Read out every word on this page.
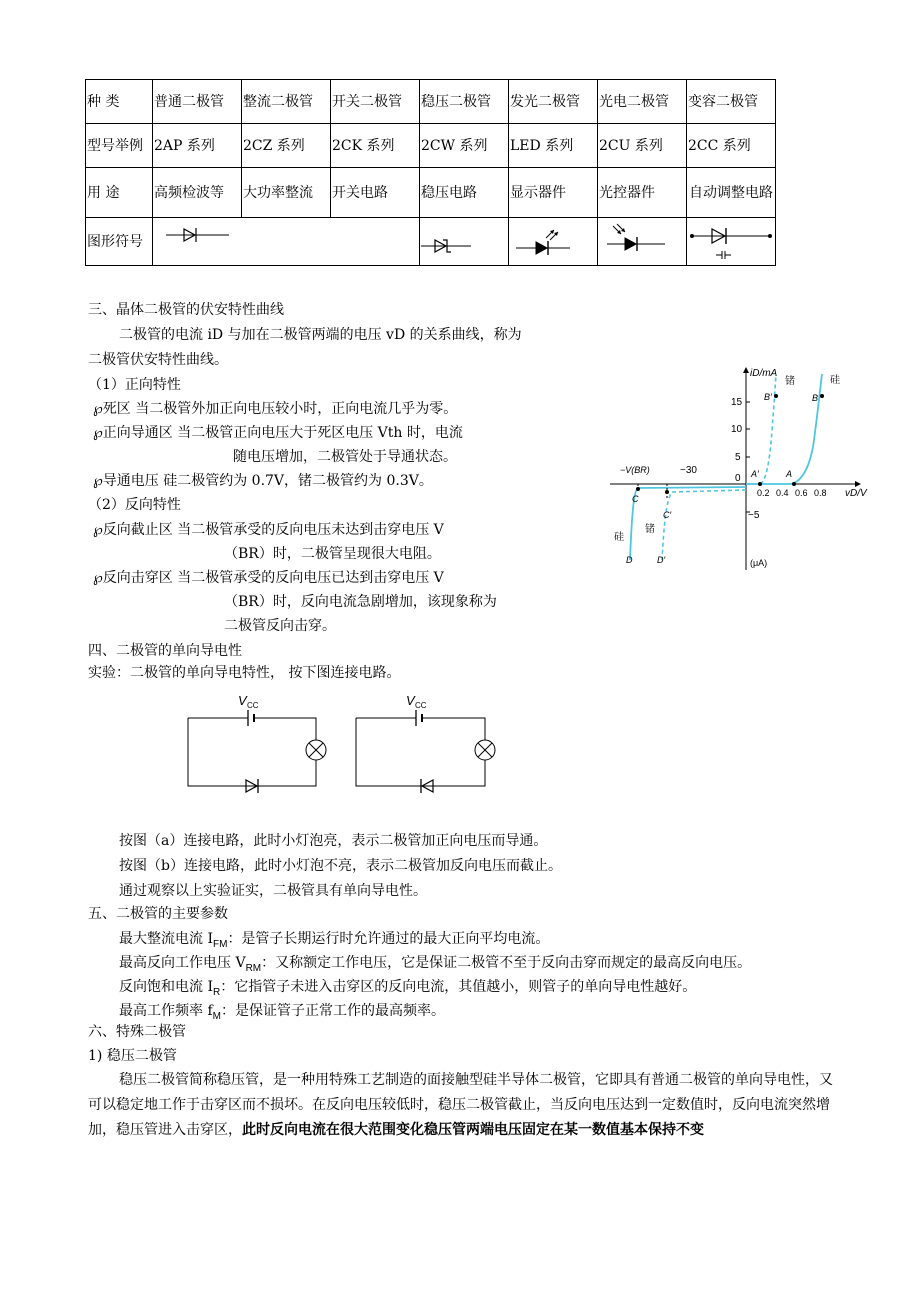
种 类	普通二极管	整流二极管	开关二极管	稳压二极管	发光二极管	光电二极管	变容二极管
型号举例	2AP 系列	2CZ 系列	2CK 系列	2CW 系列	LED 系列	2CU 系列	2CC 系列
用 途	高频检波等	大功率整流	开关电路	稳压电路	显示器件	光控器件	自动调整电路
图形符号	

三、晶体二极管的伏安特性曲线
二极管的电流 iD 与加在二极管两端的电压 vD 的关系曲线，称为
二极管伏安特性曲线。
（1）正向特性
℘死区 当二极管外加正向电压较小时，正向电流几乎为零。
℘正向导通区 当二极管正向电压大于死区电压 Vth 时，电流
随电压增加，二极管处于导通状态。
℘导通电压 硅二极管约为 0.7V，锗二极管约为 0.3V。
（2）反向特性
℘反向截止区 当二极管承受的反向电压未达到击穿电压 V
（BR）时，二极管呈现很大电阻。
℘反向击穿区 当二极管承受的反向电压已达到击穿电压 V
（BR）时，反向电流急剧增加，该现象称为
二极管反向击穿。
iD/mA
vD/V
15
10
5
0
−5
0.2 0.4 0.6 0.8
−30
−V(BR)
(μA)
锗	硅
B
B′
A
A′
C
C′
D	D′
硅
锗
四、二极管的单向导电性
实验：二极管的单向导电特性， 按下图连接电路。
V CC	V CC
按图（a）连接电路，此时小灯泡亮，表示二极管加正向电压而导通。
按图（b）连接电路，此时小灯泡不亮，表示二极管加反向电压而截止。
通过观察以上实验证实，二极管具有单向导电性。
五、二极管的主要参数
最大整流电流 $I_{FM}$：是管子长期运行时允许通过的最大正向平均电流。
最高反向工作电压 $V_{RM}$：又称额定工作电压，它是保证二极管不至于反向击穿而规定的最高反向电压。
反向饱和电流 $I_R$：它指管子未进入击穿区的反向电流，其值越小，则管子的单向导电性越好。
最高工作频率 $f_M$：是保证管子正常工作的最高频率。
六、特殊二极管
1) 稳压二极管
稳压二极管简称稳压管，是一种用特殊工艺制造的面接触型硅半导体二极管，它即具有普通二极管的单向导电性，又可以稳定地工作于击穿区而不损坏。在反向电压较低时，稳压二极管截止，当反向电压达到一定数值时，反向电流突然增加，稳压管进入击穿区，此时反向电流在很大范围变化稳压管两端电压固定在某一数值基本保持不变
